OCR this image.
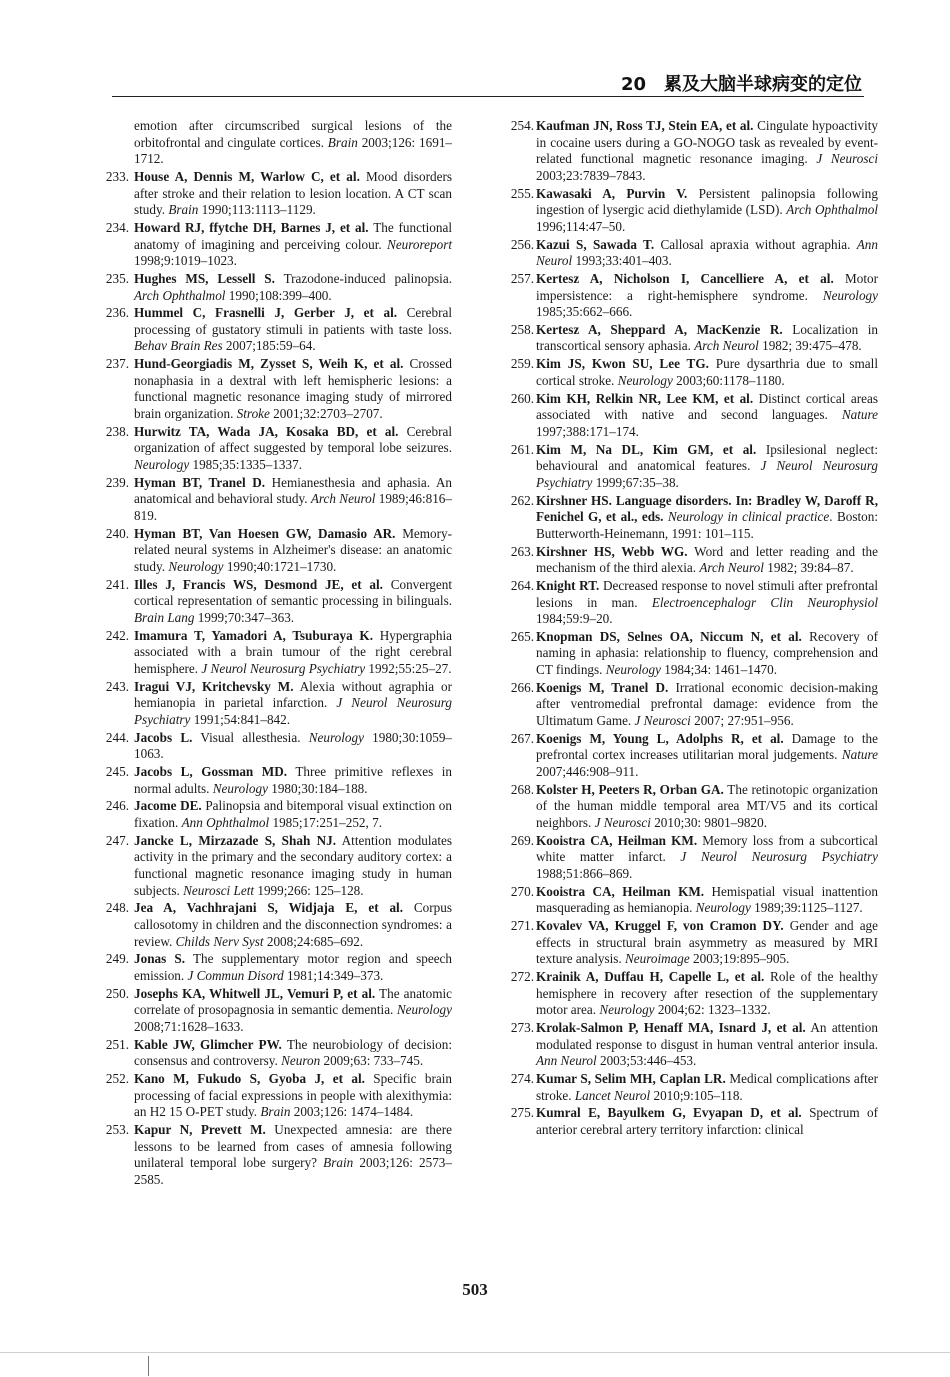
20 累及大脑半球病变的定位
emotion after circumscribed surgical lesions of the orbitofrontal and cingulate cortices. Brain 2003;126: 1691–1712.
233. House A, Dennis M, Warlow C, et al. Mood disorders after stroke and their relation to lesion location. A CT scan study. Brain 1990;113:1113–1129.
234. Howard RJ, ffytche DH, Barnes J, et al. The functional anatomy of imagining and perceiving colour. Neuroreport 1998;9:1019–1023.
235. Hughes MS, Lessell S. Trazodone-induced palinopsia. Arch Ophthalmol 1990;108:399–400.
236. Hummel C, Frasnelli J, Gerber J, et al. Cerebral processing of gustatory stimuli in patients with taste loss. Behav Brain Res 2007;185:59–64.
237. Hund-Georgiadis M, Zysset S, Weih K, et al. Crossed nonaphasia in a dextral with left hemispheric lesions: a functional magnetic resonance imaging study of mirrored brain organization. Stroke 2001;32:2703–2707.
238. Hurwitz TA, Wada JA, Kosaka BD, et al. Cerebral organization of affect suggested by temporal lobe seizures. Neurology 1985;35:1335–1337.
239. Hyman BT, Tranel D. Hemianesthesia and aphasia. An anatomical and behavioral study. Arch Neurol 1989;46:816–819.
240. Hyman BT, Van Hoesen GW, Damasio AR. Memory-related neural systems in Alzheimer's disease: an anatomic study. Neurology 1990;40:1721–1730.
241. Illes J, Francis WS, Desmond JE, et al. Convergent cortical representation of semantic processing in bilinguals. Brain Lang 1999;70:347–363.
242. Imamura T, Yamadori A, Tsuburaya K. Hypergraphia associated with a brain tumour of the right cerebral hemisphere. J Neurol Neurosurg Psychiatry 1992;55:25–27.
243. Iragui VJ, Kritchevsky M. Alexia without agraphia or hemianopia in parietal infarction. J Neurol Neurosurg Psychiatry 1991;54:841–842.
244. Jacobs L. Visual allesthesia. Neurology 1980;30:1059–1063.
245. Jacobs L, Gossman MD. Three primitive reflexes in normal adults. Neurology 1980;30:184–188.
246. Jacome DE. Palinopsia and bitemporal visual extinction on fixation. Ann Ophthalmol 1985;17:251–252, 7.
247. Jancke L, Mirzazade S, Shah NJ. Attention modulates activity in the primary and the secondary auditory cortex: a functional magnetic resonance imaging study in human subjects. Neurosci Lett 1999;266: 125–128.
248. Jea A, Vachhrajani S, Widjaja E, et al. Corpus callosotomy in children and the disconnection syndromes: a review. Childs Nerv Syst 2008;24:685–692.
249. Jonas S. The supplementary motor region and speech emission. J Commun Disord 1981;14:349–373.
250. Josephs KA, Whitwell JL, Vemuri P, et al. The anatomic correlate of prosopagnosia in semantic dementia. Neurology 2008;71:1628–1633.
251. Kable JW, Glimcher PW. The neurobiology of decision: consensus and controversy. Neuron 2009;63: 733–745.
252. Kano M, Fukudo S, Gyoba J, et al. Specific brain processing of facial expressions in people with alexithymia: an H2 15 O-PET study. Brain 2003;126: 1474–1484.
253. Kapur N, Prevett M. Unexpected amnesia: are there lessons to be learned from cases of amnesia following unilateral temporal lobe surgery? Brain 2003;126: 2573–2585.
254. Kaufman JN, Ross TJ, Stein EA, et al. Cingulate hypoactivity in cocaine users during a GO-NOGO task as revealed by event-related functional magnetic resonance imaging. J Neurosci 2003;23:7839–7843.
255. Kawasaki A, Purvin V. Persistent palinopsia following ingestion of lysergic acid diethylamide (LSD). Arch Ophthalmol 1996;114:47–50.
256. Kazui S, Sawada T. Callosal apraxia without agraphia. Ann Neurol 1993;33:401–403.
257. Kertesz A, Nicholson I, Cancelliere A, et al. Motor impersistence: a right-hemisphere syndrome. Neurology 1985;35:662–666.
258. Kertesz A, Sheppard A, MacKenzie R. Localization in transcortical sensory aphasia. Arch Neurol 1982; 39:475–478.
259. Kim JS, Kwon SU, Lee TG. Pure dysarthria due to small cortical stroke. Neurology 2003;60:1178–1180.
260. Kim KH, Relkin NR, Lee KM, et al. Distinct cortical areas associated with native and second languages. Nature 1997;388:171–174.
261. Kim M, Na DL, Kim GM, et al. Ipsilesional neglect: behavioural and anatomical features. J Neurol Neurosurg Psychiatry 1999;67:35–38.
262. Kirshner HS. Language disorders. In: Bradley W, Daroff R, Fenichel G, et al., eds. Neurology in clinical practice. Boston: Butterworth-Heinemann, 1991: 101–115.
263. Kirshner HS, Webb WG. Word and letter reading and the mechanism of the third alexia. Arch Neurol 1982; 39:84–87.
264. Knight RT. Decreased response to novel stimuli after prefrontal lesions in man. Electroencephalogr Clin Neurophysiol 1984;59:9–20.
265. Knopman DS, Selnes OA, Niccum N, et al. Recovery of naming in aphasia: relationship to fluency, comprehension and CT findings. Neurology 1984;34: 1461–1470.
266. Koenigs M, Tranel D. Irrational economic decision-making after ventromedial prefrontal damage: evidence from the Ultimatum Game. J Neurosci 2007; 27:951–956.
267. Koenigs M, Young L, Adolphs R, et al. Damage to the prefrontal cortex increases utilitarian moral judgements. Nature 2007;446:908–911.
268. Kolster H, Peeters R, Orban GA. The retinotopic organization of the human middle temporal area MT/V5 and its cortical neighbors. J Neurosci 2010;30: 9801–9820.
269. Kooistra CA, Heilman KM. Memory loss from a subcortical white matter infarct. J Neurol Neurosurg Psychiatry 1988;51:866–869.
270. Kooistra CA, Heilman KM. Hemispatial visual inattention masquerading as hemianopia. Neurology 1989;39:1125–1127.
271. Kovalev VA, Kruggel F, von Cramon DY. Gender and age effects in structural brain asymmetry as measured by MRI texture analysis. Neuroimage 2003;19:895–905.
272. Krainik A, Duffau H, Capelle L, et al. Role of the healthy hemisphere in recovery after resection of the supplementary motor area. Neurology 2004;62: 1323–1332.
273. Krolak-Salmon P, Henaff MA, Isnard J, et al. An attention modulated response to disgust in human ventral anterior insula. Ann Neurol 2003;53:446–453.
274. Kumar S, Selim MH, Caplan LR. Medical complications after stroke. Lancet Neurol 2010;9:105–118.
275. Kumral E, Bayulkem G, Evyapan D, et al. Spectrum of anterior cerebral artery territory infarction: clinical
503
